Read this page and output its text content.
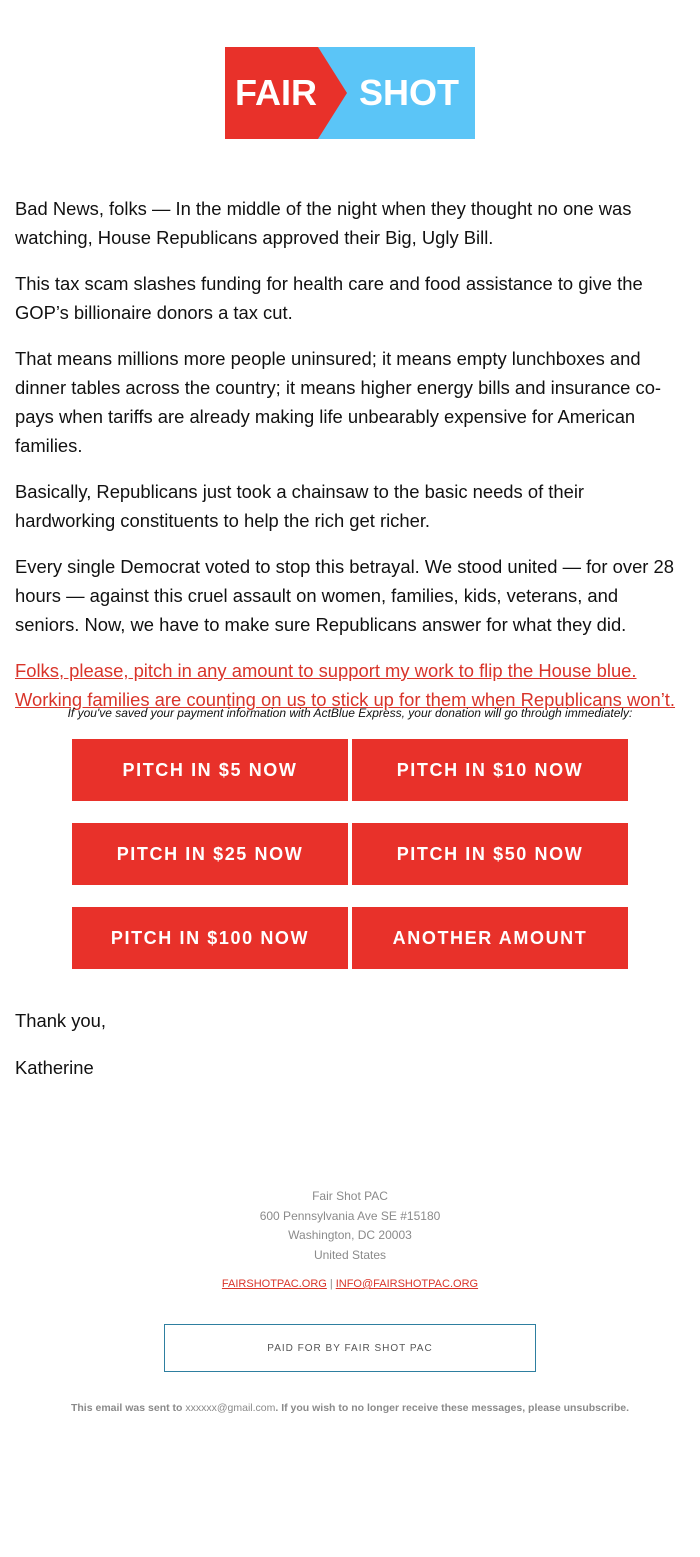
FAIR SHOT

Bad News, folks — In the middle of the night when they thought no one was watching, House Republicans approved their Big, Ugly Bill.

This tax scam slashes funding for health care and food assistance to give the GOP’s billionaire donors a tax cut.

That means millions more people uninsured; it means empty lunchboxes and dinner tables across the country; it means higher energy bills and insurance co-pays when tariffs are already making life unbearably expensive for American families.

Basically, Republicans just took a chainsaw to the basic needs of their hardworking constituents to help the rich get richer.

Every single Democrat voted to stop this betrayal. We stood united — for over 28 hours — against this cruel assault on women, families, kids, veterans, and seniors. Now, we have to make sure Republicans answer for what they did.

Folks, please, pitch in any amount to support my work to flip the House blue. Working families are counting on us to stick up for them when Republicans won’t.
If you've saved your payment information with ActBlue Express, your donation will go through immediately:
PITCH IN $5 NOW	PITCH IN $10 NOW
PITCH IN $25 NOW	PITCH IN $50 NOW
PITCH IN $100 NOW	ANOTHER AMOUNT
Thank you,
Katherine
Fair Shot PAC
600 Pennsylvania Ave SE #15180
Washington, DC 20003
United States
FAIRSHOTPAC.ORG | INFO@FAIRSHOTPAC.ORG
PAID FOR BY FAIR SHOT PAC
This email was sent to xxxxxx@gmail.com. If you wish to no longer receive these messages, please unsubscribe.
